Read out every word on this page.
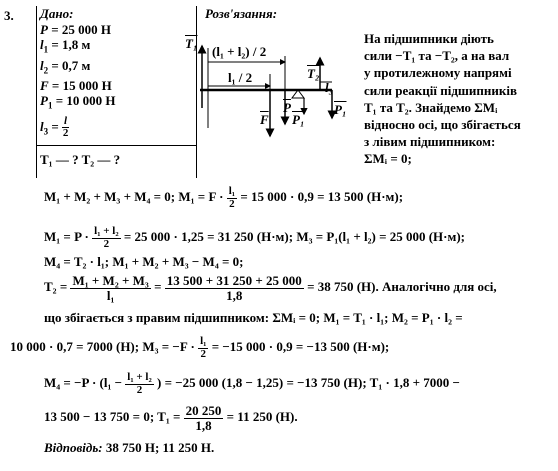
3. Дано:
P = 25 000 Н
$l_1 = 1,8$ м
$l_2 = 0,7$ м
F = 15 000 Н
$P_1 = 10$ 000 Н
$l_3 = \frac{l}{2}$
T₁ — ? T₂ — ?
Розв'язання:
T₁
(l₁ + l₂) / 2
l₁ / 2
$\overline{F}$
$\overline{P}$
P₁
T₂
l₃
P₁
На підшипники діють
сили −T₁ та −T₂, а на вал
у протилежному напрямі
сили реакції підшипників
T₁ та T₂. Знайдемо ΣMᵢ
відносно осі, що збігається
з лівим підшипником:
ΣMᵢ = 0;
M₁ + M₂ + M₃ + M₄ = 0; $M_1 = F \cdot \frac{\text{l₁}}{2} = 15$ 000 · 0,9 = 13 500 (Н·м);
$M_1 = P \cdot \frac{\text{l₁ + l₂}}{2} = 25$ 000 · 1,25 = 31 250 (Н·м); M₃ = P₁(l₁ + l₂) = 25 000 (Н·м);
M₄ = T₂ · l₁; M₁ + M₂ + M₃ − M₄ = 0;
$T_2 = \frac{\text{M₁ + M₂ + M₃}}{\text{l₁}} = \frac{13 500 + 31 250 + 25 000}{1,8} = 38$ 750 (Н). Аналогічно для осі,
що збігається з правим підшипником: ΣMᵢ = 0; M₁ = T₁ · l₁; M₂ = P₁ · l₂ =
10 000 · 0,7 = 7000 (Н); $M_3 = -F \cdot \frac{\text{l₁}}{2} = -15$ 000 · 0,9 = −13 500 (Н·м);
$M_4 = -P \cdot (l_1 - \frac{\text{l₁ + l₂}}{2}$ ) = −25 000 (1,8 − 1,25) = −13 750 (Н); T₁ · 1,8 + 7000 −
13 500 − 13 750 = 0; $T_1 = \frac{20 250}{1,8} = 11$ 250 (Н).
Відповідь: 38 750 Н; 11 250 Н.
